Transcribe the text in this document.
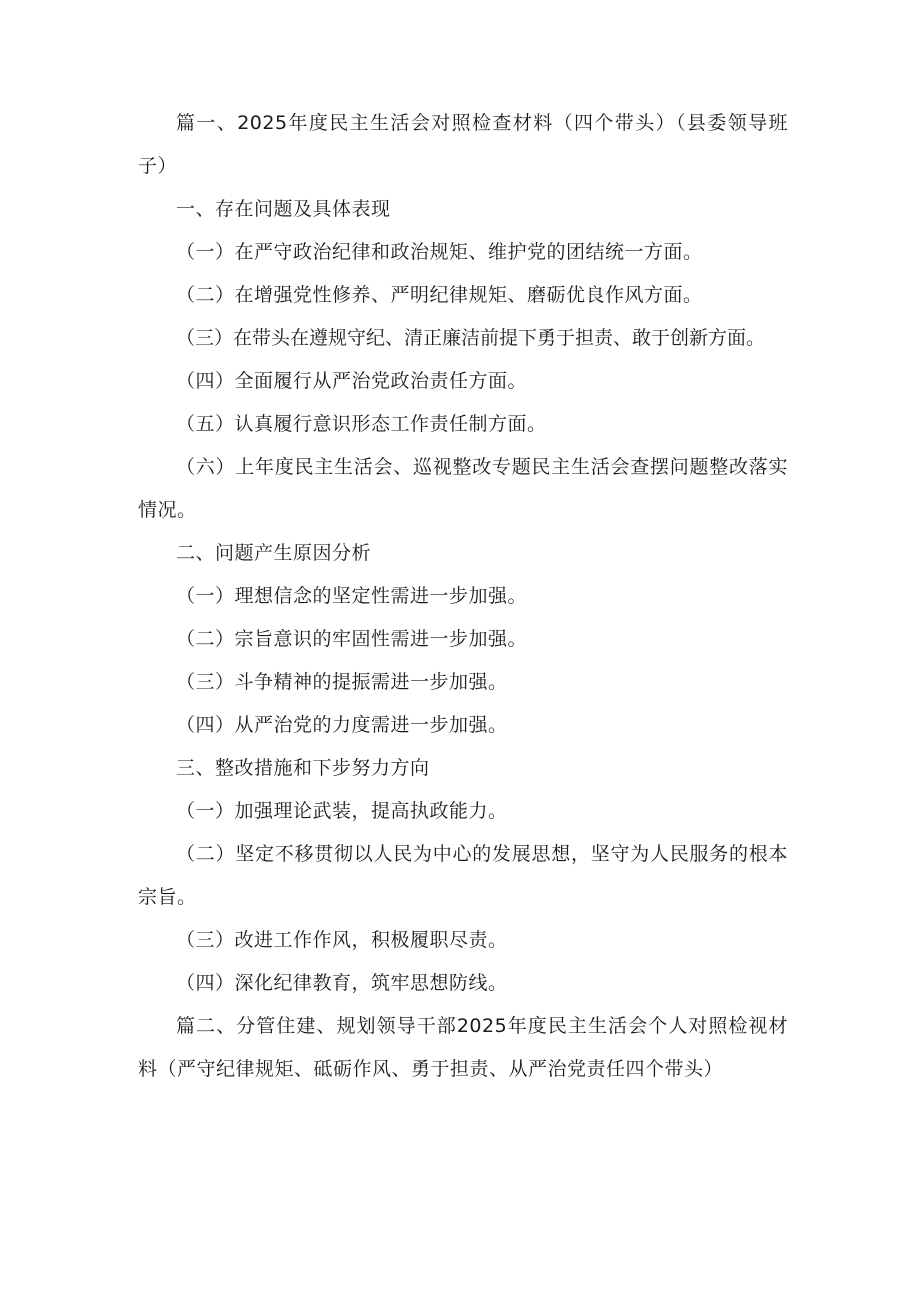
篇一、2025年度民主生活会对照检查材料（四个带头）（县委领导班子）

一、存在问题及具体表现

（一）在严守政治纪律和政治规矩、维护党的团结统一方面。

（二）在增强党性修养、严明纪律规矩、磨砺优良作风方面。

（三）在带头在遵规守纪、清正廉洁前提下勇于担责、敢于创新方面。

（四）全面履行从严治党政治责任方面。

（五）认真履行意识形态工作责任制方面。

（六）上年度民主生活会、巡视整改专题民主生活会查摆问题整改落实情况。

二、问题产生原因分析

（一）理想信念的坚定性需进一步加强。

（二）宗旨意识的牢固性需进一步加强。

（三）斗争精神的提振需进一步加强。

（四）从严治党的力度需进一步加强。

三、整改措施和下步努力方向

（一）加强理论武装，提高执政能力。

（二）坚定不移贯彻以人民为中心的发展思想，坚守为人民服务的根本宗旨。

（三）改进工作作风，积极履职尽责。

（四）深化纪律教育，筑牢思想防线。

篇二、分管住建、规划领导干部2025年度民主生活会个人对照检视材料（严守纪律规矩、砥砺作风、勇于担责、从严治党责任四个带头）
